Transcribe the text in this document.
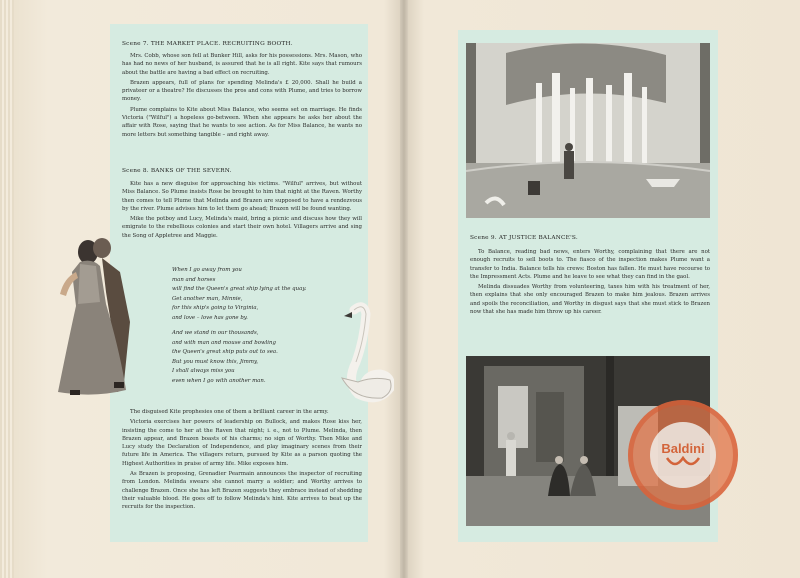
Scene 7. THE MARKET PLACE. RECRUITING BOOTH.

Mrs. Cobb, whose son fell at Bunker Hill, asks for his possessions. Mrs. Mason, who has had no news of her husband, is assured that he is all right. Kite says that rumours about the battle are having a bad effect on recruiting.

Brazen appears, full of plans for spending Melinda's £ 20,000. Shall he build a privateer or a theatre? He discusses the pros and cons with Plume, and tries to borrow money.

Plume complains to Kite about Miss Balance, who seems set on marriage. He finds Victoria ("Wilful") a hopeless go-between. When she appears he asks her about the affair with Rose, saying that he wants to see action. As for Miss Balance, he wants no more letters but something tangible – and right away.

Scene 8. BANKS OF THE SEVERN.

Kite has a new disguise for approaching his victims. "Wilful" arrives, but without Miss Balance. So Plume insists Rose be brought to him that night at the Raven. Worthy then comes to tell Plume that Melinda and Brazen are supposed to have a rendezvous by the river. Plume advises him to let them go ahead; Brazen will be found wanting.

Mike the potboy and Lucy, Melinda's maid, bring a picnic and discuss how they will emigrate to the rebellious colonies and start their own hotel. Villagers arrive and sing the Song of Appletree and Maggie.

When I go away from you
man and horses
will find the Queen's great ship lying at the quay.
Get another man, Minnie,
for this ship's going to Virginia,
and love – love has gone by.
And we stand in our thousands,
and with man and mouse and bowling
the Queen's great ship puts out to sea.
But you must know this, Jimmy,
I shall always miss you
even when I go with another man.

The disguised Kite prophesies one of them a brilliant career in the army.

Victoria exercises her powers of leadership on Bullock, and makes Rose kiss her, insisting the come to her at the Raven that night; i. e., not to Plume. Melinda, then Brazen appear, and Brazen boasts of his charms; no sign of Worthy. Then Mike and Lucy study the Declaration of Independence, and play imaginary scenes from their future life in America. The villagers return, pursued by Kite as a parson quoting the Highest Authorities in praise of army life. Mike exposes him.

As Brazen is proposing, Grenadier Pearmain announces the inspector of recruiting from London. Melinda swears she cannot marry a soldier; and Worthy arrives to challenge Brazen. Once she has left Brazen suggests they embrace instead of shedding their valuable blood. He goes off to follow Melinda's hint. Kite arrives to beat up the recruits for the inspection.

Scene 9. AT JUSTICE BALANCE'S.

To Balance, reading bad news, enters Worthy, complaining that there are not enough recruits to sell boots to. The fiasco of the inspection makes Plume want a transfer to India. Balance tells his crews: Boston has fallen. He must have recourse to the Impressment Acts. Plume and he leave to see what they can find in the gaol.

Melinda dissuades Worthy from volunteering, taxes him with his treatment of her, then explains that she only encouraged Brazen to make him jealous. Brazen arrives and spoils the reconciliation, and Worthy in disgust says that she must stick to Brazen now that she has made him throw up his career.

Baldini
